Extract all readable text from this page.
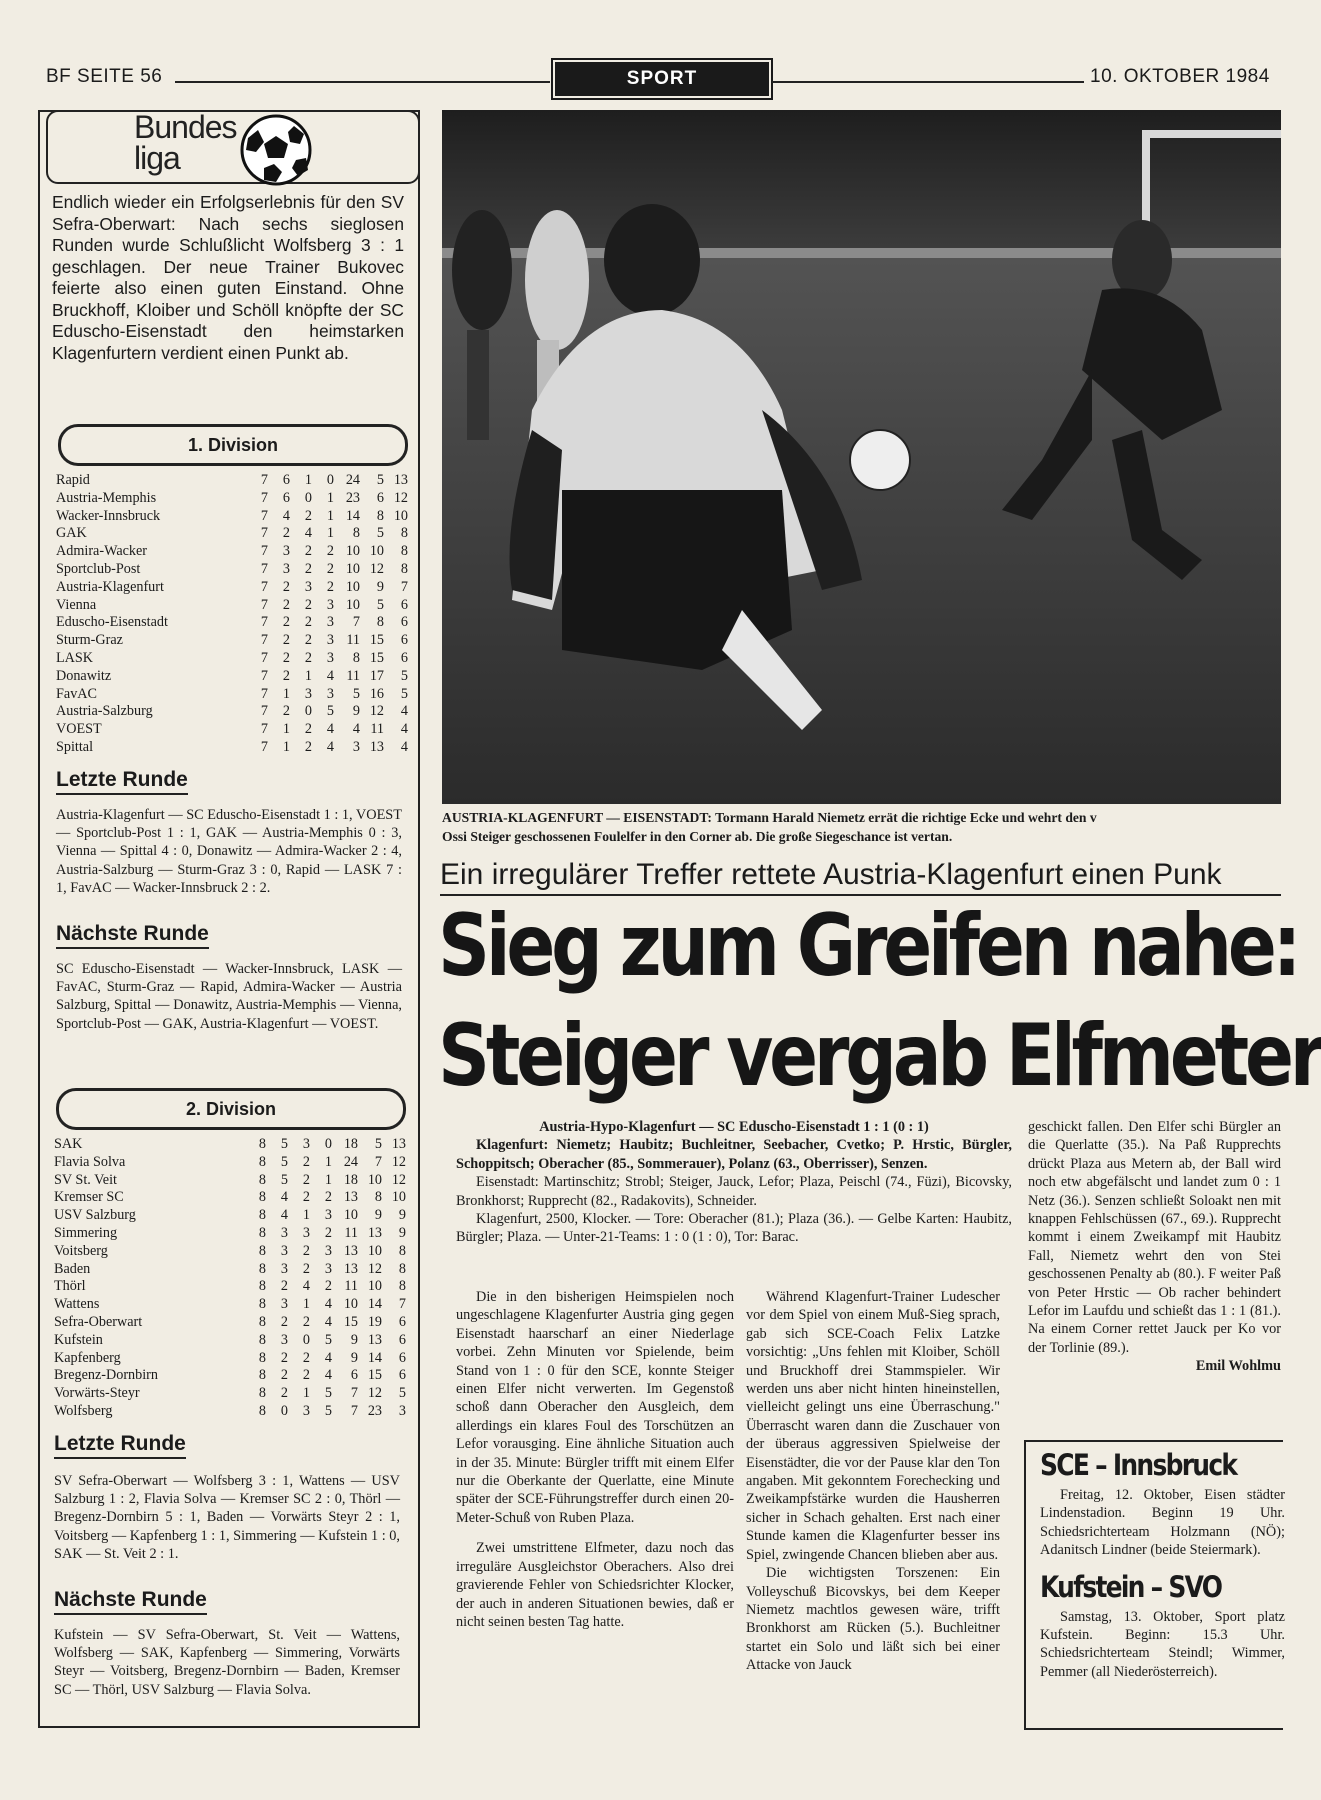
BF SEITE 56	SPORT	10. OKTOBER 1984
Bundes liga
Endlich wieder ein Erfolgserlebnis für den SV Sefra-Oberwart: Nach sechs sieglosen Runden wurde Schlußlicht Wolfsberg 3 : 1 geschlagen. Der neue Trainer Bukovec feierte also einen guten Einstand. Ohne Bruckhoff, Kloiber und Schöll knöpfte der SC Eduscho-Eisenstadt den heimstarken Klagenfurtern verdient einen Punkt ab.
1. Division
Rapid	7	6	1	0	24	5	13
Austria-Memphis	7	6	0	1	23	6	12
Wacker-Innsbruck	7	4	2	1	14	8	10
GAK	7	2	4	1	8	5	8
Admira-Wacker	7	3	2	2	10	10	8
Sportclub-Post	7	3	2	2	10	12	8
Austria-Klagenfurt	7	2	3	2	10	9	7
Vienna	7	2	2	3	10	5	6
Eduscho-Eisenstadt	7	2	2	3	7	8	6
Sturm-Graz	7	2	2	3	11	15	6
LASK	7	2	2	3	8	15	6
Donawitz	7	2	1	4	11	17	5
FavAC	7	1	3	3	5	16	5
Austria-Salzburg	7	2	0	5	9	12	4
VOEST	7	1	2	4	4	11	4
Spittal	7	1	2	4	3	13	4
Letzte Runde
Austria-Klagenfurt — SC Eduscho-Eisenstadt 1 : 1, VOEST — Sportclub-Post 1 : 1, GAK — Austria-Memphis 0 : 3, Vienna — Spittal 4 : 0, Donawitz — Admira-Wacker 2 : 4, Austria-Salzburg — Sturm-Graz 3 : 0, Rapid — LASK 7 : 1, FavAC — Wacker-Innsbruck 2 : 2.
Nächste Runde
SC Eduscho-Eisenstadt — Wacker-Innsbruck, LASK — FavAC, Sturm-Graz — Rapid, Admira-Wacker — Austria Salzburg, Spittal — Donawitz, Austria-Memphis — Vienna, Sportclub-Post — GAK, Austria-Klagenfurt — VOEST.
2. Division
SAK	8	5	3	0	18	5	13
Flavia Solva	8	5	2	1	24	7	12
SV St. Veit	8	5	2	1	18	10	12
Kremser SC	8	4	2	2	13	8	10
USV Salzburg	8	4	1	3	10	9	9
Simmering	8	3	3	2	11	13	9
Voitsberg	8	3	2	3	13	10	8
Baden	8	3	2	3	13	12	8
Thörl	8	2	4	2	11	10	8
Wattens	8	3	1	4	10	14	7
Sefra-Oberwart	8	2	2	4	15	19	6
Kufstein	8	3	0	5	9	13	6
Kapfenberg	8	2	2	4	9	14	6
Bregenz-Dornbirn	8	2	2	4	6	15	6
Vorwärts-Steyr	8	2	1	5	7	12	5
Wolfsberg	8	0	3	5	7	23	3
Letzte Runde
SV Sefra-Oberwart — Wolfsberg 3 : 1, Wattens — USV Salzburg 1 : 2, Flavia Solva — Kremser SC 2 : 0, Thörl — Bregenz-Dornbirn 5 : 1, Baden — Vorwärts Steyr 2 : 1, Voitsberg — Kapfenberg 1 : 1, Simmering — Kufstein 1 : 0, SAK — St. Veit 2 : 1.
Nächste Runde
Kufstein — SV Sefra-Oberwart, St. Veit — Wattens, Wolfsberg — SAK, Kapfenberg — Simmering, Vorwärts Steyr — Voitsberg, Bregenz-Dornbirn — Baden, Kremser SC — Thörl, USV Salzburg — Flavia Solva.
AUSTRIA-KLAGENFURT — EISENSTADT: Tormann Harald Niemetz errät die richtige Ecke und wehrt den v
Ossi Steiger geschossenen Foulelfer in den Corner ab. Die große Siegeschance ist vertan.
Ein irregulärer Treffer rettete Austria-Klagenfurt einen Punk
Sieg zum Greifen nahe:
Steiger vergab Elfmeter
Austria-Hypo-Klagenfurt — SC Eduscho-Eisenstadt 1 : 1 (0 : 1)
Klagenfurt: Niemetz; Haubitz; Buchleitner, Seebacher, Cvetko; P. Hrstic, Bürgler, Schoppitsch; Oberacher (85., Sommerauer), Polanz (63., Oberrisser), Senzen.
Eisenstadt: Martinschitz; Strobl; Steiger, Jauck, Lefor; Plaza, Peischl (74., Füzi), Bicovsky, Bronkhorst; Rupprecht (82., Radakovits), Schneider.
Klagenfurt, 2500, Klocker. — Tore: Oberacher (81.); Plaza (36.). — Gelbe Karten: Haubitz, Bürgler; Plaza. — Unter-21-Teams: 1 : 0 (1 : 0), Tor: Barac.
Die in den bisherigen Heimspielen noch ungeschlagene Klagenfurter Austria ging gegen Eisenstadt haarscharf an einer Niederlage vorbei. Zehn Minuten vor Spielende, beim Stand von 1 : 0 für den SCE, konnte Steiger einen Elfer nicht verwerten. Im Gegenstoß schoß dann Oberacher den Ausgleich, dem allerdings ein klares Foul des Torschützen an Lefor vorausging. Eine ähnliche Situation auch in der 35. Minute: Bürgler trifft mit einem Elfer nur die Oberkante der Querlatte, eine Minute später der SCE-Führungstreffer durch einen 20-Meter-Schuß von Ruben Plaza.
Zwei umstrittene Elfmeter, dazu noch das irreguläre Ausgleichstor Oberachers. Also drei gravierende Fehler von Schiedsrichter Klocker, der auch in anderen Situationen bewies, daß er nicht seinen besten Tag hatte.
Während Klagenfurt-Trainer Ludescher vor dem Spiel von einem Muß-Sieg sprach, gab sich SCE-Coach Felix Latzke vorsichtig: „Uns fehlen mit Kloiber, Schöll und Bruckhoff drei Stammspieler. Wir werden uns aber nicht hinten hineinstellen, vielleicht gelingt uns eine Überraschung." Überrascht waren dann die Zuschauer von der überaus aggressiven Spielweise der Eisenstädter, die vor der Pause klar den Ton angaben. Mit gekonntem Forechecking und Zweikampfstärke wurden die Hausherren sicher in Schach gehalten. Erst nach einer Stunde kamen die Klagenfurter besser ins Spiel, zwingende Chancen blieben aber aus.
Die wichtigsten Torszenen: Ein Volleyschuß Bicovskys, bei dem Keeper Niemetz machtlos gewesen wäre, trifft Bronkhorst am Rücken (5.). Buchleitner startet ein Solo und läßt sich bei einer Attacke von Jauck
geschickt fallen. Den Elfer schi Bürgler an die Querlatte (35.). Na Paß Rupprechts drückt Plaza aus Metern ab, der Ball wird noch etw abgefälscht und landet zum 0 : 1 Netz (36.). Senzen schließt Soloakt nen mit knappen Fehlschüssen (67., 69.). Rupprecht kommt i einem Zweikampf mit Haubitz Fall, Niemetz wehrt den von Stei geschossenen Penalty ab (80.). F weiter Paß von Peter Hrstic — Ob racher behindert Lefor im Laufdu und schießt das 1 : 1 (81.). Na einem Corner rettet Jauck per Ko vor der Torlinie (89.).
Emil Wohlmu
SCE – Innsbruck
Freitag, 12. Oktober, Eisen städter Lindenstadion. Beginn 19 Uhr. Schiedsrichterteam Holzmann (NÖ); Adanitsch Lindner (beide Steiermark).
Kufstein – SVO
Samstag, 13. Oktober, Sport platz Kufstein. Beginn: 15.3 Uhr. Schiedsrichterteam Steindl; Wimmer, Pemmer (all Niederösterreich).
